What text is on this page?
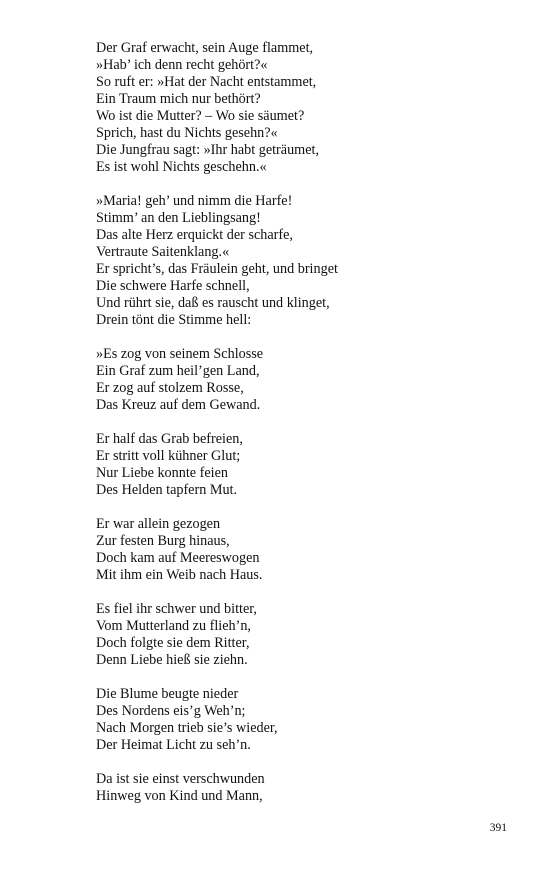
Der Graf erwacht, sein Auge flammet,
»Hab’ ich denn recht gehört?«
So ruft er: »Hat der Nacht entstammet,
Ein Traum mich nur bethört?
Wo ist die Mutter? – Wo sie säumet?
Sprich, hast du Nichts gesehn?«
Die Jungfrau sagt: »Ihr habt geträumet,
Es ist wohl Nichts geschehn.«
»Maria! geh’ und nimm die Harfe!
Stimm’ an den Lieblingsang!
Das alte Herz erquickt der scharfe,
Vertraute Saitenklang.«
Er spricht’s, das Fräulein geht, und bringet
Die schwere Harfe schnell,
Und rührt sie, daß es rauscht und klinget,
Drein tönt die Stimme hell:
»Es zog von seinem Schlosse
Ein Graf zum heil’gen Land,
Er zog auf stolzem Rosse,
Das Kreuz auf dem Gewand.
Er half das Grab befreien,
Er stritt voll kühner Glut;
Nur Liebe konnte feien
Des Helden tapfern Mut.
Er war allein gezogen
Zur festen Burg hinaus,
Doch kam auf Meereswogen
Mit ihm ein Weib nach Haus.
Es fiel ihr schwer und bitter,
Vom Mutterland zu flieh’n,
Doch folgte sie dem Ritter,
Denn Liebe hieß sie ziehn.
Die Blume beugte nieder
Des Nordens eis’g Weh’n;
Nach Morgen trieb sie’s wieder,
Der Heimat Licht zu seh’n.
Da ist sie einst verschwunden
Hinweg von Kind und Mann,
391
